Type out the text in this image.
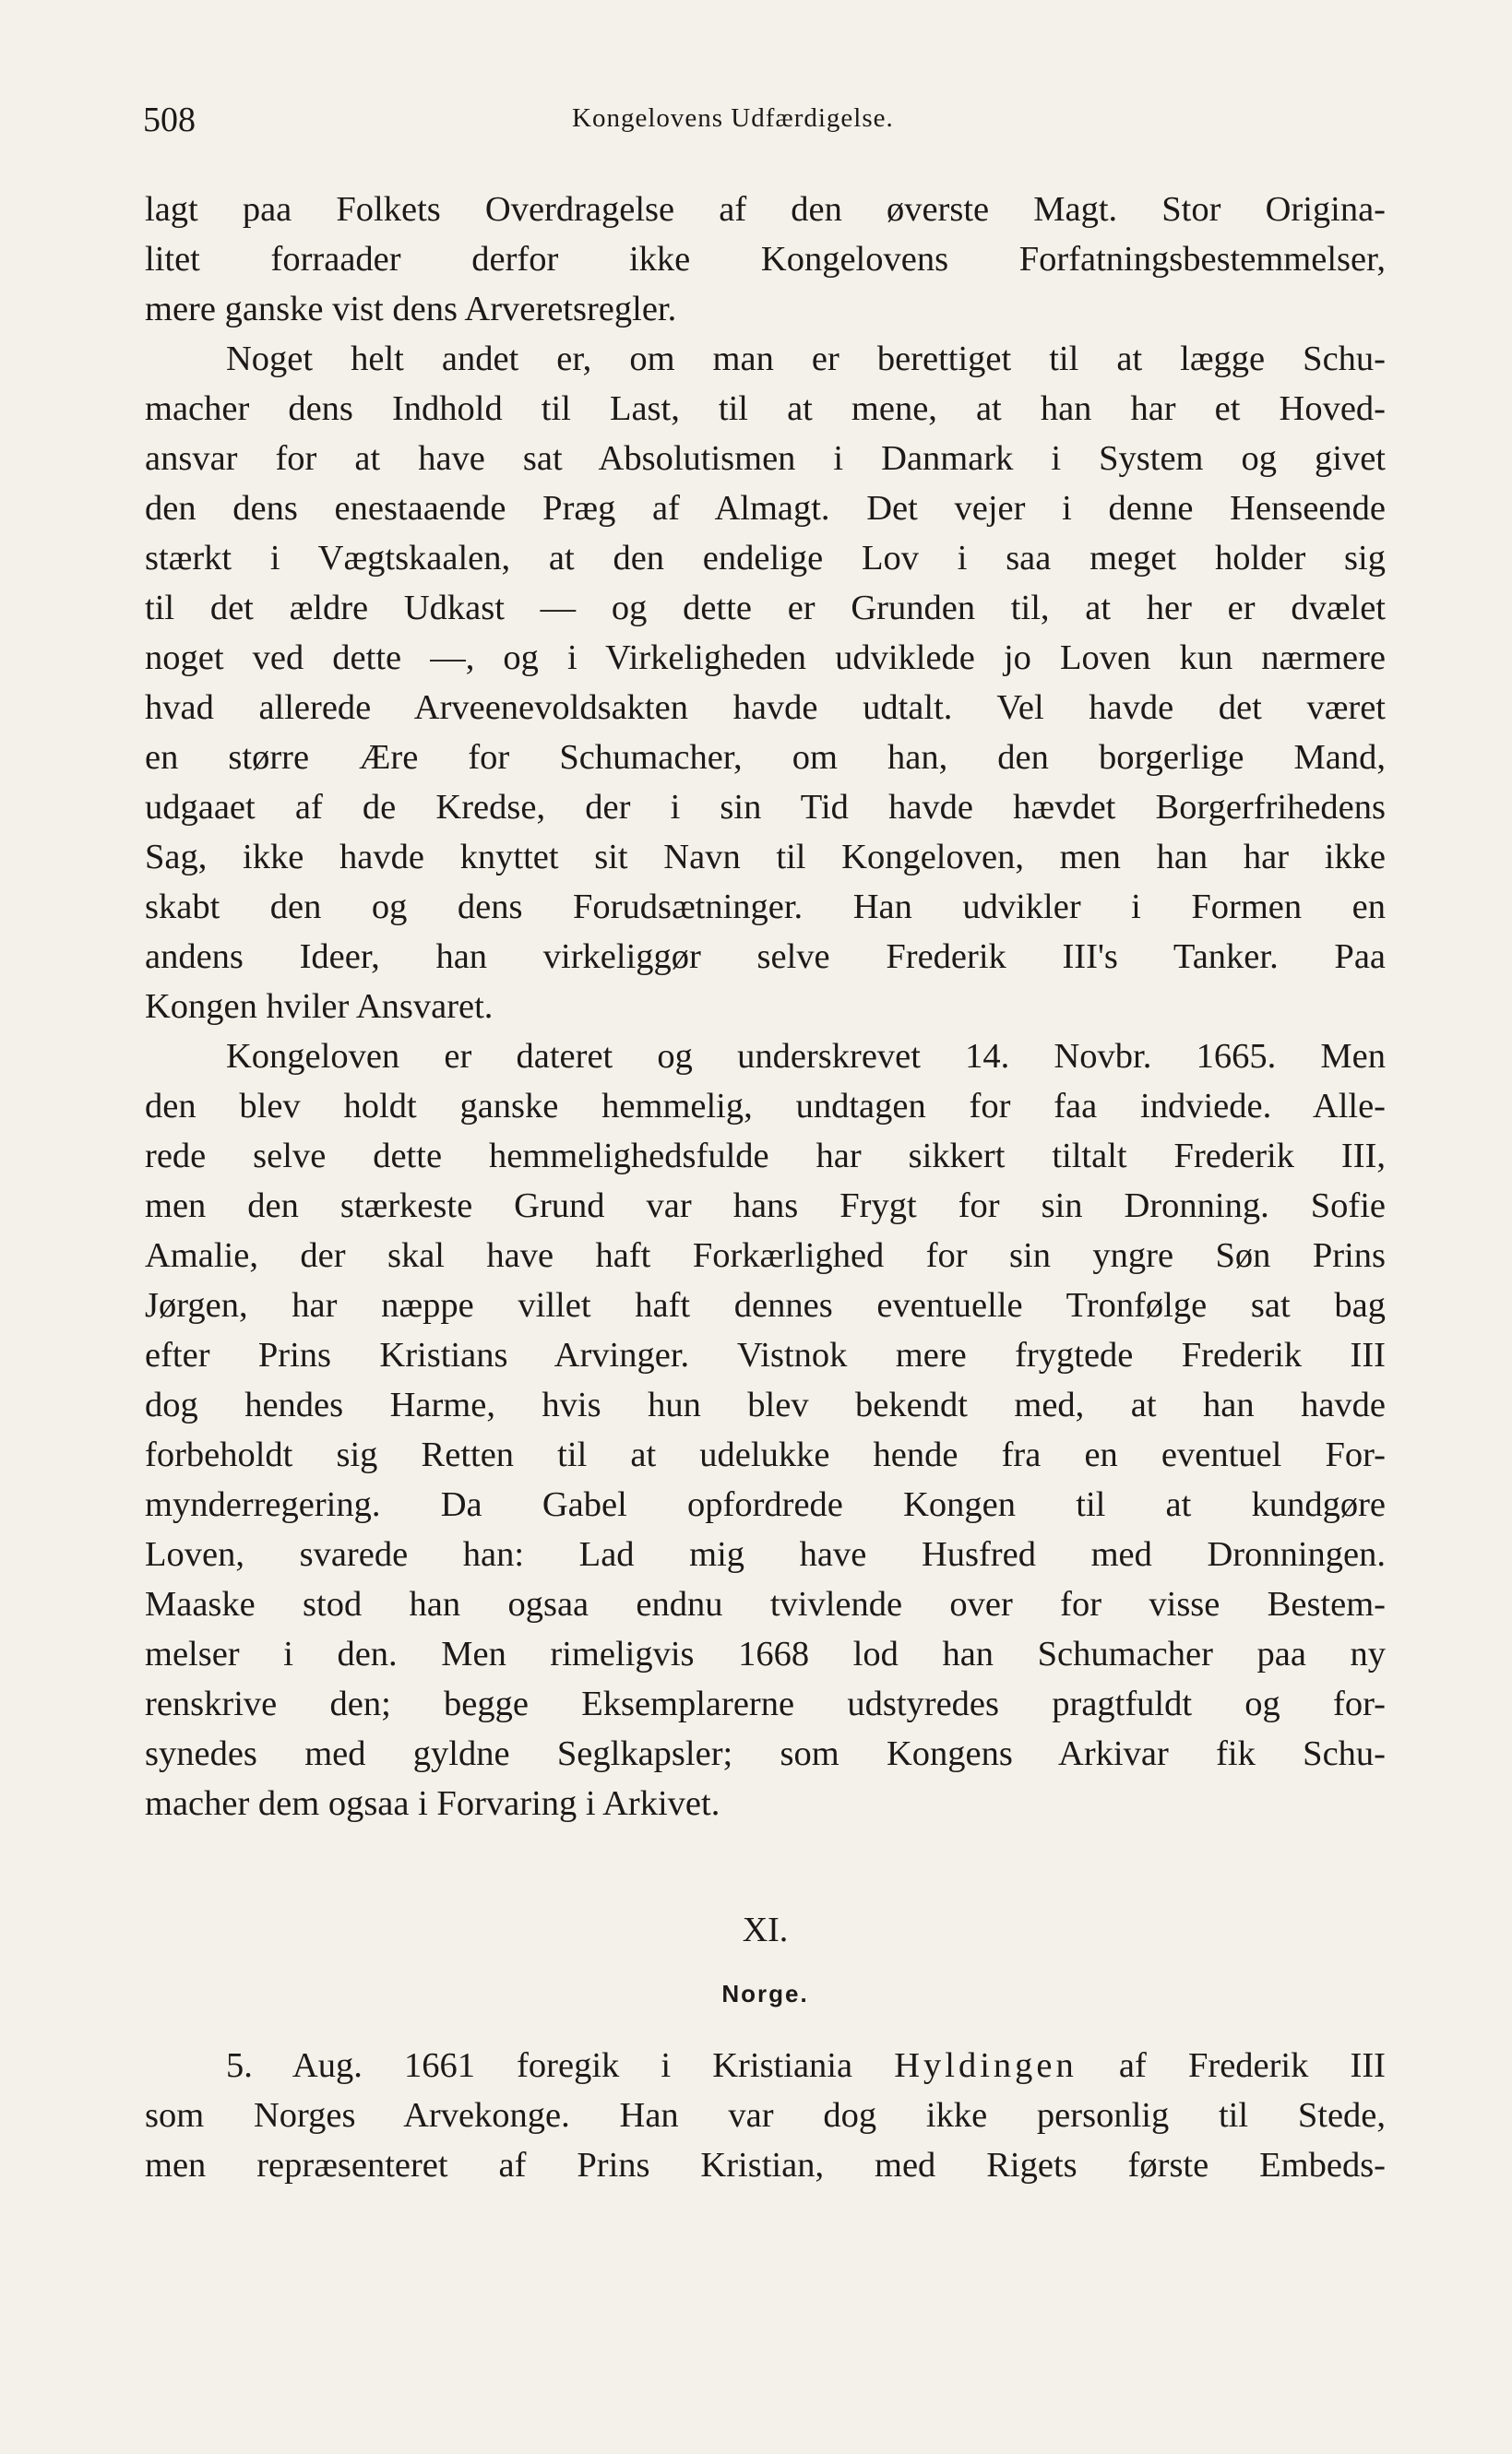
508	Kongelovens Udfærdigelse.
lagt paa Folkets Overdragelse af den øverste Magt. Stor Origina-
litet forraader derfor ikke Kongelovens Forfatningsbestemmelser,
mere ganske vist dens Arveretsregler.
Noget helt andet er, om man er berettiget til at lægge Schu-
macher dens Indhold til Last, til at mene, at han har et Hoved-
ansvar for at have sat Absolutismen i Danmark i System og givet
den dens enestaaende Præg af Almagt. Det vejer i denne Henseende
stærkt i Vægtskaalen, at den endelige Lov i saa meget holder sig
til det ældre Udkast — og dette er Grunden til, at her er dvælet
noget ved dette —, og i Virkeligheden udviklede jo Loven kun nærmere
hvad allerede Arveenevoldsakten havde udtalt. Vel havde det været
en større Ære for Schumacher, om han, den borgerlige Mand,
udgaaet af de Kredse, der i sin Tid havde hævdet Borgerfrihedens
Sag, ikke havde knyttet sit Navn til Kongeloven, men han har ikke
skabt den og dens Forudsætninger. Han udvikler i Formen en
andens Ideer, han virkeliggør selve Frederik III's Tanker. Paa
Kongen hviler Ansvaret.
Kongeloven er dateret og underskrevet 14. Novbr. 1665. Men
den blev holdt ganske hemmelig, undtagen for faa indviede. Alle-
rede selve dette hemmelighedsfulde har sikkert tiltalt Frederik III,
men den stærkeste Grund var hans Frygt for sin Dronning. Sofie
Amalie, der skal have haft Forkærlighed for sin yngre Søn Prins
Jørgen, har næppe villet haft dennes eventuelle Tronfølge sat bag
efter Prins Kristians Arvinger. Vistnok mere frygtede Frederik III
dog hendes Harme, hvis hun blev bekendt med, at han havde
forbeholdt sig Retten til at udelukke hende fra en eventuel For-
mynderregering. Da Gabel opfordrede Kongen til at kundgøre
Loven, svarede han: Lad mig have Husfred med Dronningen.
Maaske stod han ogsaa endnu tvivlende over for visse Bestem-
melser i den. Men rimeligvis 1668 lod han Schumacher paa ny
renskrive den; begge Eksemplarerne udstyredes pragtfuldt og for-
synedes med gyldne Seglkapsler; som Kongens Arkivar fik Schu-
macher dem ogsaa i Forvaring i Arkivet.
XI.
Norge.
5. Aug. 1661 foregik i Kristiania Hyldingen af Frederik III
som Norges Arvekonge. Han var dog ikke personlig til Stede,
men repræsenteret af Prins Kristian, med Rigets første Embeds-
